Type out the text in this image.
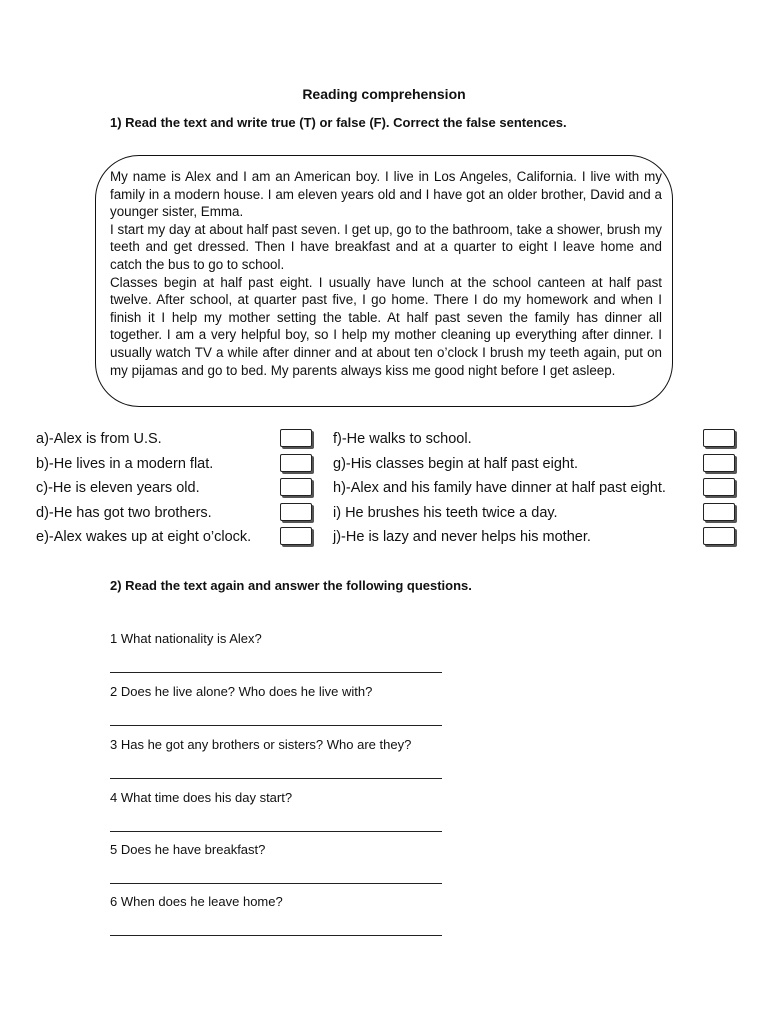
Reading comprehension
1) Read the text and write true (T) or false (F). Correct the false sentences.

My name is Alex and I am an American boy. I live in Los Angeles, California. I live with my family in a modern house. I am eleven years old and I have got an older brother, David and a younger sister, Emma.

I start my day at about half past seven. I get up, go to the bathroom, take a shower, brush my teeth and get dressed. Then I have breakfast and at a quarter to eight I leave home and catch the bus to go to school.

Classes begin at half past eight. I usually have lunch at the school canteen at half past twelve. After school, at quarter past five, I go home. There I do my homework and when I finish it I help my mother setting the table. At half past seven the family has dinner all together. I am a very helpful boy, so I help my mother cleaning up everything after dinner. I usually watch TV a while after dinner and at about ten o’clock I brush my teeth again, put on my pijamas and go to bed. My parents always kiss me good night before I get asleep.

a)-Alex is from U.S.
b)-He lives in a modern flat.
c)-He is eleven years old.
d)-He has got two brothers.
e)-Alex wakes up at eight o’clock.
f)-He walks to school.
g)-His classes begin at half past eight.
h)-Alex and his family have dinner at half past eight.
i) He brushes his teeth twice a day.
j)-He is lazy and never helps his mother.
2) Read the text again and answer the following questions.
1 What nationality is Alex?
2 Does he live alone? Who does he live with?
3 Has he got any brothers or sisters? Who are they?
4 What time does his day start?
5 Does he have breakfast?
6 When does he leave home?
